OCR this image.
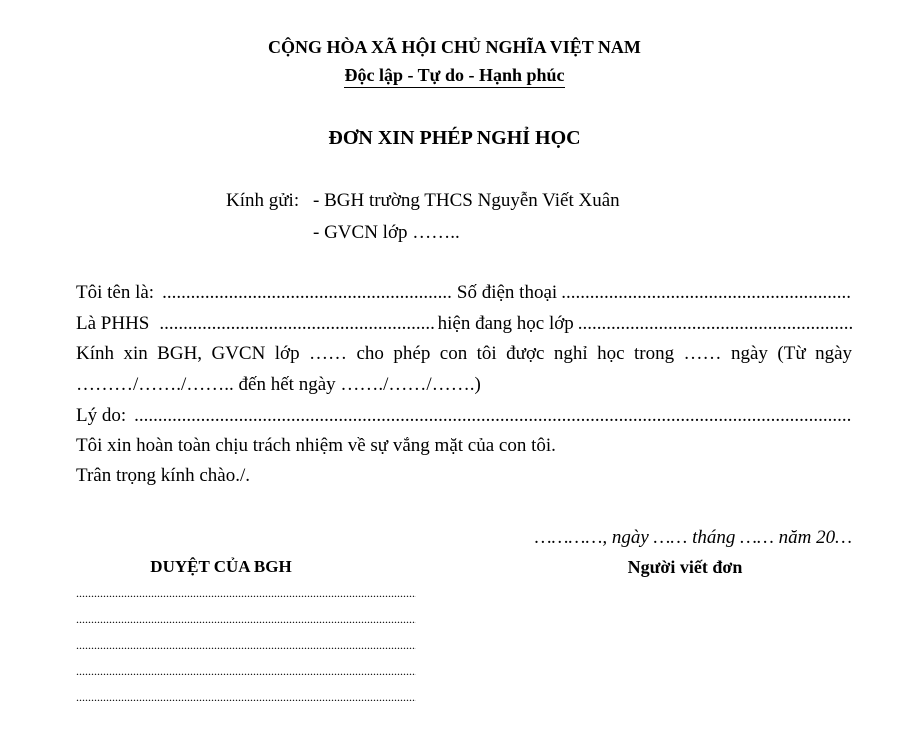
CỘNG HÒA XÃ HỘI CHỦ NGHĨA VIỆT NAM
Độc lập - Tự do - Hạnh phúc
ĐƠN XIN PHÉP NGHỈ HỌC
Kính gửi: - BGH trường THCS Nguyễn Viết Xuân
- GVCN lớp ……..
Tôi tên là: .....	Số điện thoại
.....
Là PHHS .....	hiện đang học lớp
.....
Kính xin BGH, GVCN lớp …… cho phép con tôi được nghỉ học trong …… ngày (Từ ngày
………/……./…….. đến hết ngày ……./……/…….)
Lý do:
.....
Tôi xin hoàn toàn chịu trách nhiệm về sự vắng mặt của con tôi.
Trân trọng kính chào./.
…………, ngày …… tháng …… năm 20…
DUYỆT CỦA BGH	Người viết đơn
.....
.....
.....
.....
.....
